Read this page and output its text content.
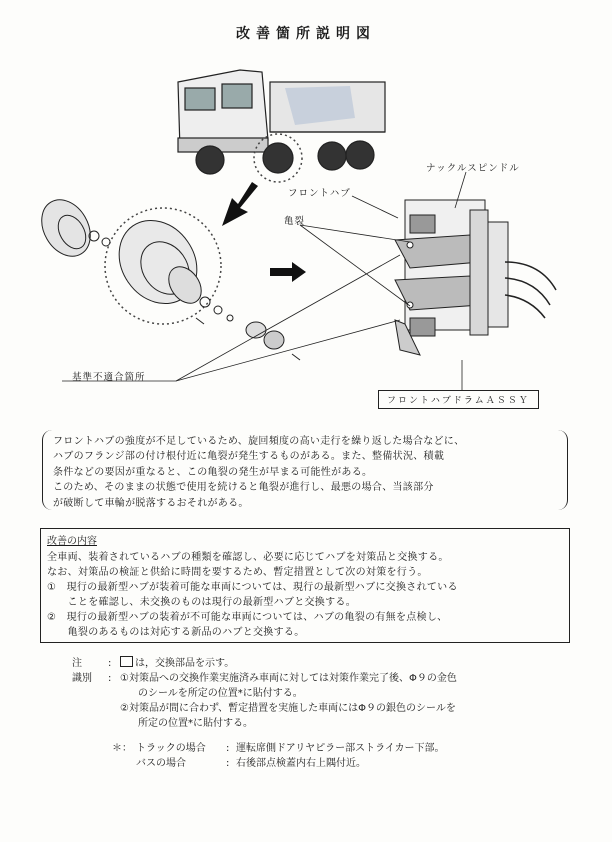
改善箇所説明図
ナックルスピンドル
フロントハブ
亀裂
基準不適合箇所
フロントハブドラムＡＳＳＹ

フロントハブの強度が不足しているため、旋回頻度の高い走行を繰り返した場合などに、

ハブのフランジ部の付け根付近に亀裂が発生するものがある。また、整備状況、積載

条件などの要因が重なると、この亀裂の発生が早まる可能性がある。

このため、そのままの状態で使用を続けると亀裂が進行し、最悪の場合、当該部分

が破断して車輪が脱落するおそれがある。

改善の内容

全車両、装着されているハブの種類を確認し、必要に応じてハブを対策品と交換する。

なお、対策品の検証と供給に時間を要するため、暫定措置として次の対策を行う。

①　現行の最新型ハブが装着可能な車両については、現行の最新型ハブに交換されている

　　ことを確認し、未交換のものは現行の最新型ハブと交換する。

②　現行の最新型ハブの装着が不可能な車両については、ハブの亀裂の有無を点検し、

　　亀裂のあるものは対応する新品のハブと交換する。

注	:	は，交換部品を示す。
識別 : ①対策品への交換作業実施済み車両に対しては対策作業完了後、Φ９の金色
のシールを所定の位置*に貼付する。
②対策品が間に合わず、暫定措置を実施した車両にはΦ９の銀色のシールを
所定の位置*に貼付する。
＊： トラックの場合 : 運転席側ドアリヤピラー部ストライカー下部。
バスの場合	: 右後部点検蓋内右上隅付近。
